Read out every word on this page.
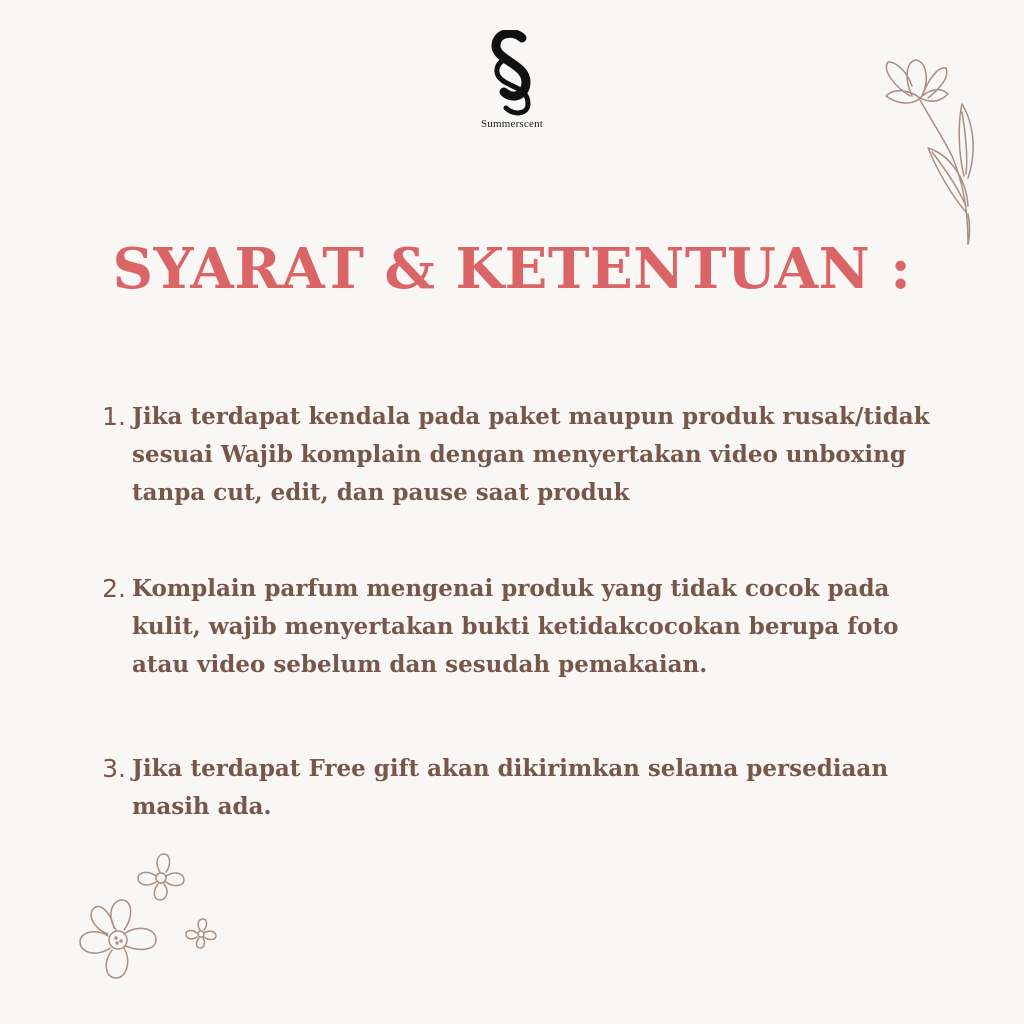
Summerscent
SYARAT & KETENTUAN :
1. Jika terdapat kendala pada paket maupun produk rusak/tidak sesuai Wajib komplain dengan menyertakan video unboxing tanpa cut, edit, dan pause saat produk
2. Komplain parfum mengenai produk yang tidak cocok pada kulit, wajib menyertakan bukti ketidakcocokan berupa foto atau video sebelum dan sesudah pemakaian.
3. Jika terdapat Free gift akan dikirimkan selama persediaan masih ada.
